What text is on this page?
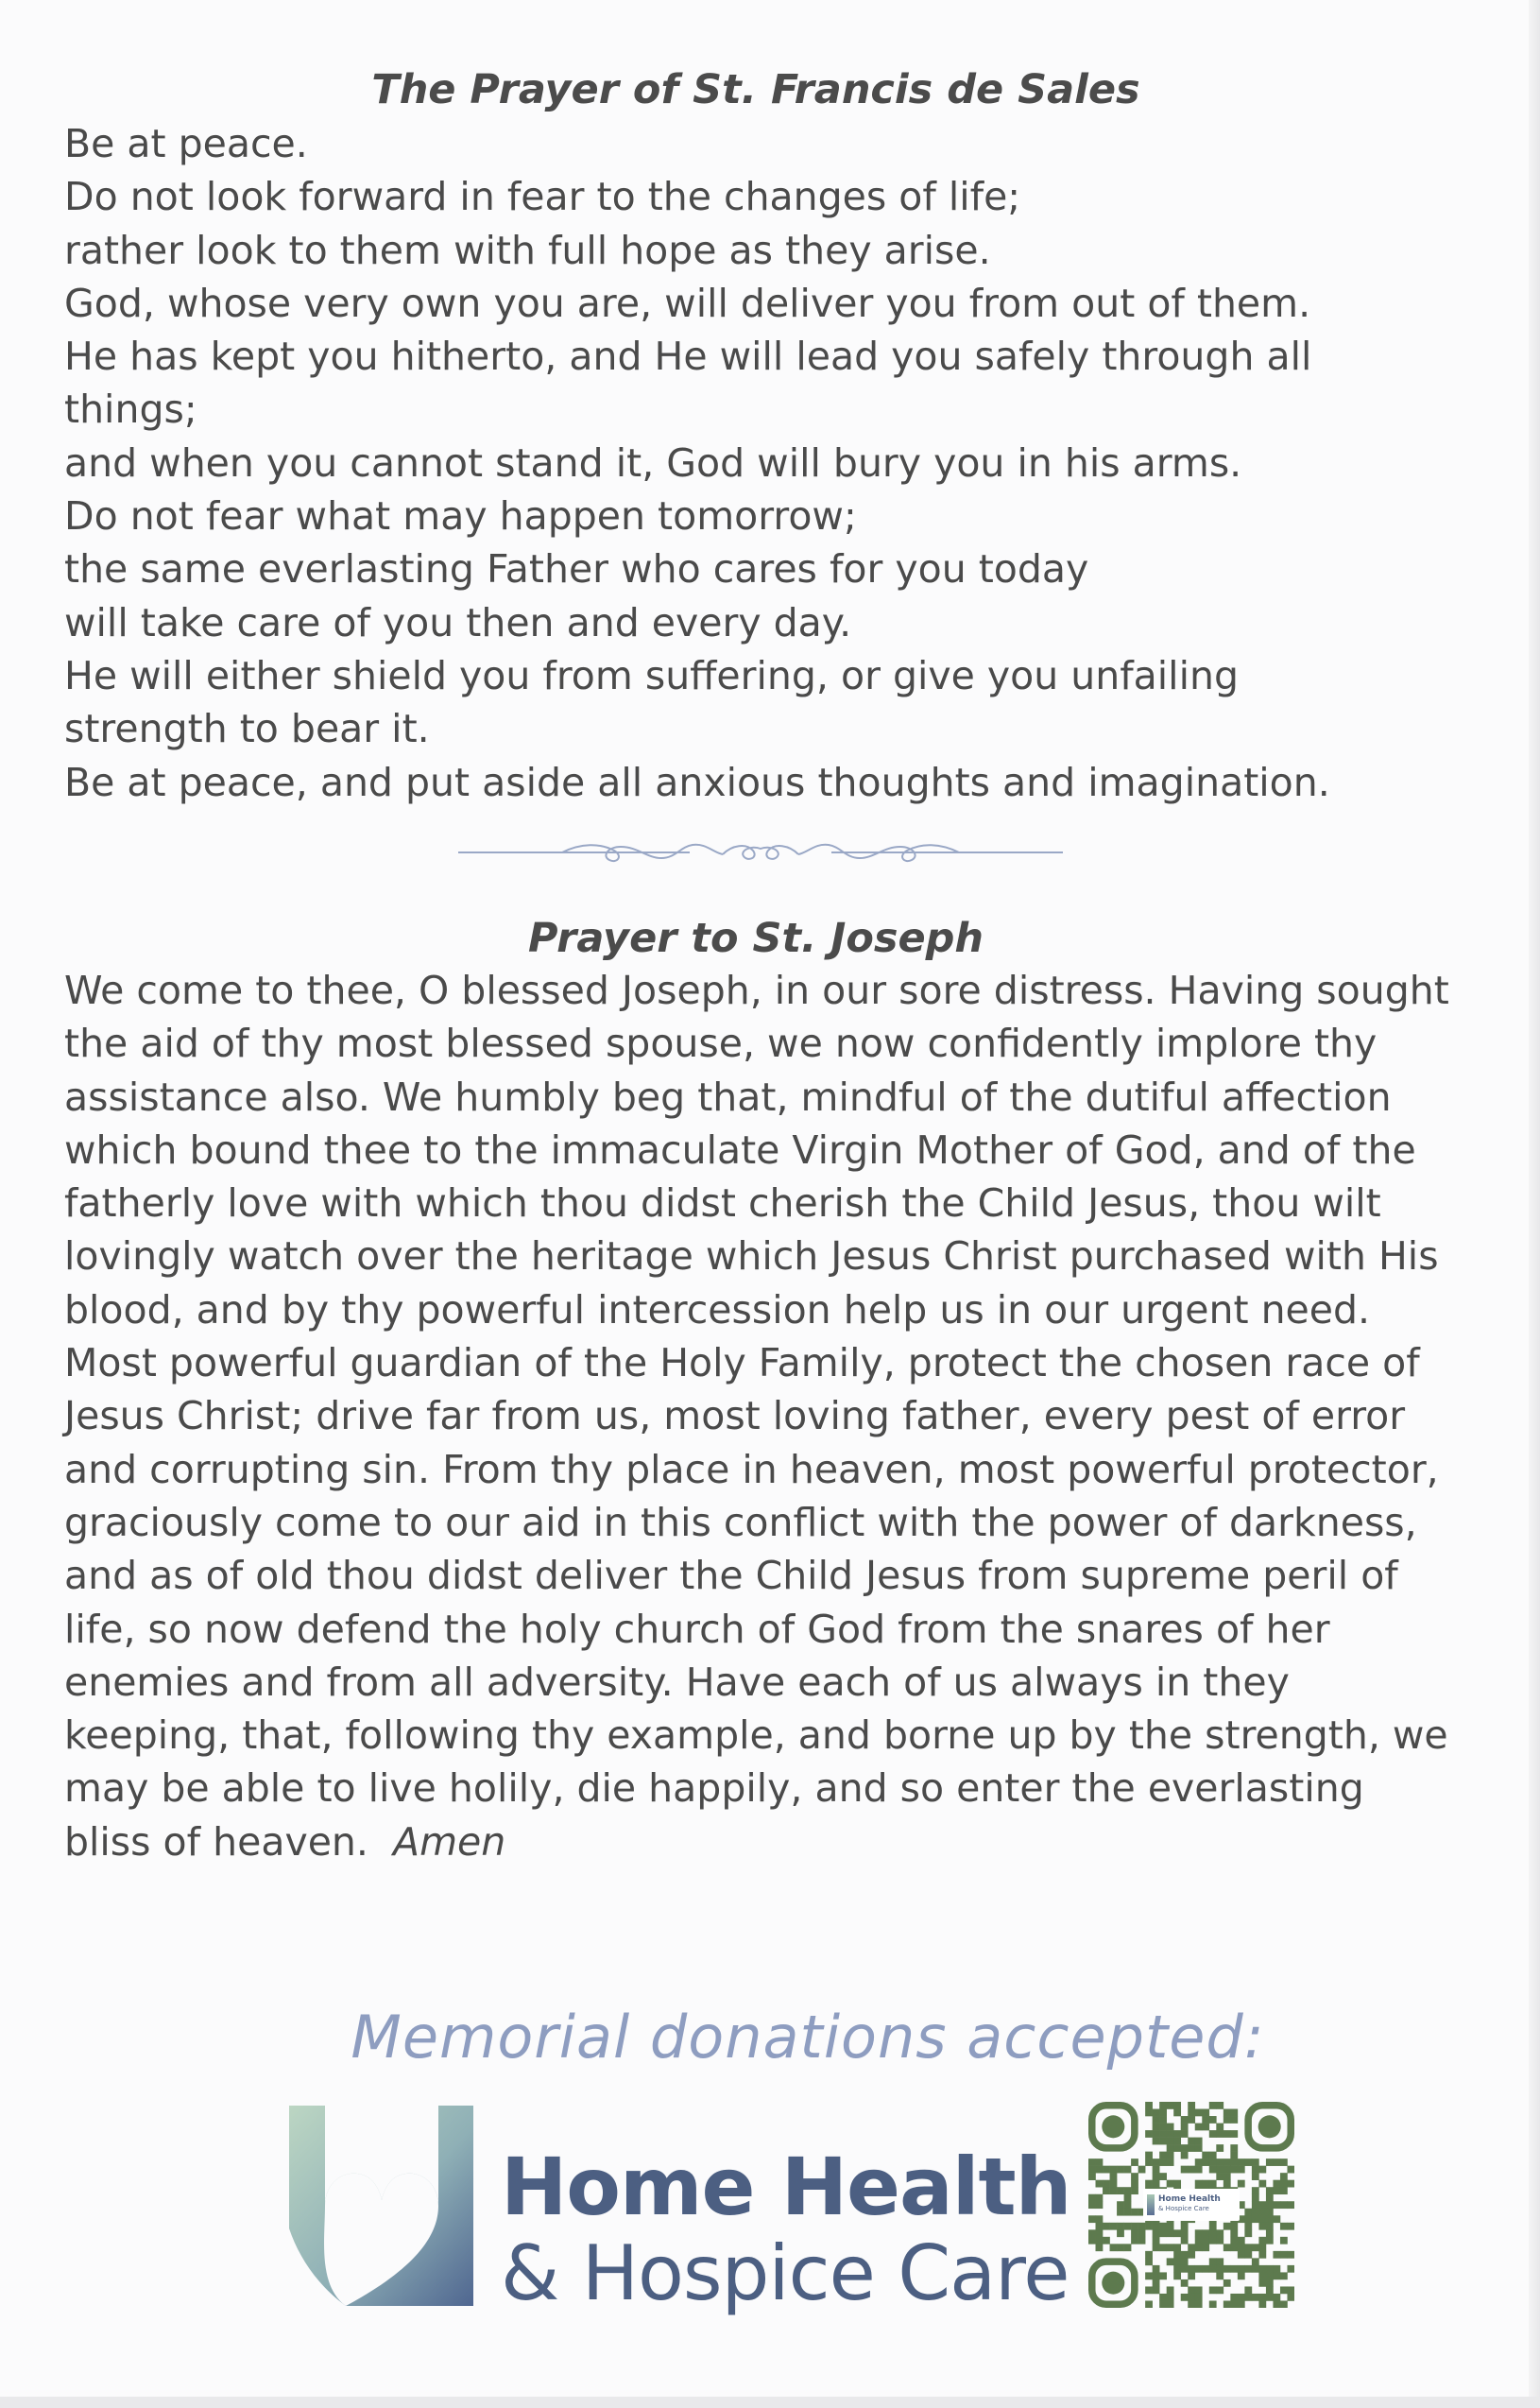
The Prayer of St. Francis de Sales
Be at peace.
Do not look forward in fear to the changes of life;
rather look to them with full hope as they arise.
God, whose very own you are, will deliver you from out of them.
He has kept you hitherto, and He will lead you safely through all
things;
and when you cannot stand it, God will bury you in his arms.
Do not fear what may happen tomorrow;
the same everlasting Father who cares for you today
will take care of you then and every day.
He will either shield you from suffering, or give you unfailing
strength to bear it.
Be at peace, and put aside all anxious thoughts and imagination.
Prayer to St. Joseph

We come to thee, O blessed Joseph, in our sore distress. Having sought the aid of thy most blessed spouse, we now confidently implore thy assistance also. We humbly beg that, mindful of the dutiful affection which bound thee to the immaculate Virgin Mother of God, and of the fatherly love with which thou didst cherish the Child Jesus, thou wilt lovingly watch over the heritage which Jesus Christ purchased with His blood, and by thy powerful intercession help us in our urgent need. Most powerful guardian of the Holy Family, protect the chosen race of Jesus Christ; drive far from us, most loving father, every pest of error and corrupting sin. From thy place in heaven, most powerful protector, graciously come to our aid in this conflict with the power of darkness, and as of old thou didst deliver the Child Jesus from supreme peril of life, so now defend the holy church of God from the snares of her enemies and from all adversity. Have each of us always in they keeping, that, following thy example, and borne up by the strength, we may be able to live holily, die happily, and so enter the everlasting bliss of heaven. Amen

Memorial donations accepted:
Home Health
& Hospice Care
Home Health
& Hospice Care
